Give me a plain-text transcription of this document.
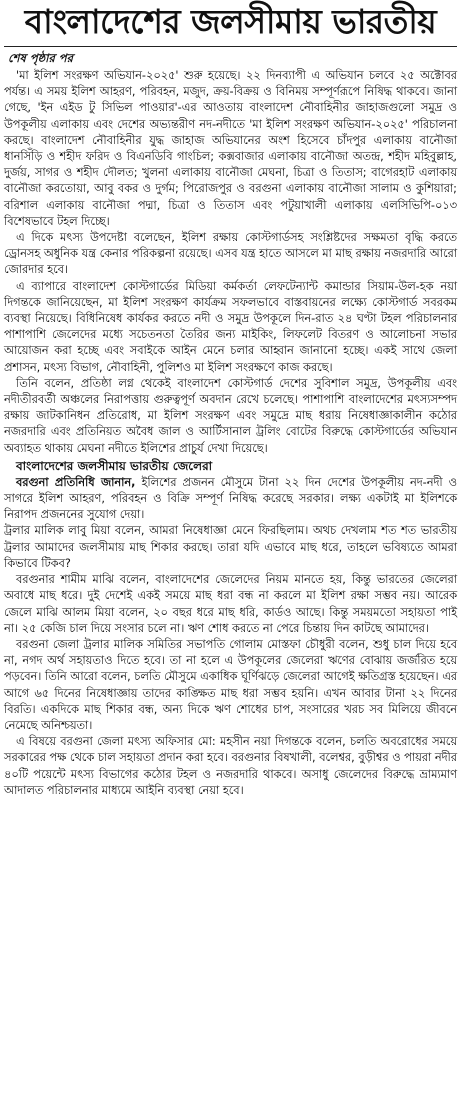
বাংলাদেশের জলসীমায় ভারতীয়
শেষ পৃষ্ঠার পর

'মা ইলিশ সংরক্ষণ অভিযান-২০২৫' শুরু হয়েছে। ২২ দিনব্যাপী এ অভিযান চলবে ২৫ অক্টোবর পর্যন্ত। এ সময় ইলিশ আহরণ, পরিবহন, মজুদ, ক্রয়-বিক্রয় ও বিনিময় সম্পূর্ণরূপে নিষিদ্ধ থাকবে। জানা গেছে, 'ইন এইড টু সিভিল পাওয়ার'-এর আওতায় বাংলাদেশ নৌবাহিনীর জাহাজগুলো সমুদ্র ও উপকূলীয় এলাকায় এবং দেশের অভ্যন্তরীণ নদ-নদীতে 'মা ইলিশ সংরক্ষণ অভিযান-২০২৫' পরিচালনা করছে। বাংলাদেশ নৌবাহিনীর যুদ্ধ জাহাজ অভিযানের অংশ হিসেবে চাঁদপুর এলাকায় বানৌজা ধানসিঁড়ি ও শহীদ ফরিদ ও বিএনডিবি গাংচিল; কক্সবাজার এলাকায় বানৌজা অতন্দ্র, শহীদ মহিবুল্লাহ, দুর্জয়, সাগর ও শহীদ দৌলত; খুলনা এলাকায় বানৌজা মেঘনা, চিত্রা ও তিতাস; বাগেরহাট এলাকায় বানৌজা করতোয়া, আবু বকর ও দুর্গম; পিরোজপুর ও বরগুনা এলাকায় বানৌজা সালাম ও কুশিয়ারা; বরিশাল এলাকায় বানৌজা পদ্মা, চিত্রা ও তিতাস এবং পটুয়াখালী এলাকায় এলসিভিপি-০১৩ বিশেষভাবে টহল দিচ্ছে।

এ দিকে মৎস্য উপদেষ্টা বলেছেন, ইলিশ রক্ষায় কোস্টগার্ডসহ সংশ্লিষ্টদের সক্ষমতা বৃদ্ধি করতে ড্রোনসহ অধুনিক যন্ত্র কেনার পরিকল্পনা রয়েছে। এসব যন্ত্র হাতে আসলে মা মাছ রক্ষায় নজরদারি আরো জোরদার হবে।

এ ব্যাপারে বাংলাদেশ কোস্টগার্ডের মিডিয়া কর্মকর্তা লেফটেন্যান্ট কমান্ডার সিয়াম-উল-হক নয়া দিগন্তকে জানিয়েছেন, মা ইলিশ সংরক্ষণ কার্যক্রম সফলভাবে বাস্তবায়নের লক্ষ্যে কোস্টগার্ড সবরকম ব্যবস্থা নিয়েছে। বিধিনিষেধ কার্যকর করতে নদী ও সমুদ্র উপকূলে দিন-রাত ২৪ ঘণ্টা টহল পরিচালনার পাশাপাশি জেলেদের মধ্যে সচেতনতা তৈরির জন্য মাইকিং, লিফলেট বিতরণ ও আলোচনা সভার আয়োজন করা হচ্ছে এবং সবাইকে আইন মেনে চলার আহ্বান জানানো হচ্ছে। একই সাথে জেলা প্রশাসন, মৎস্য বিভাগ, নৌবাহিনী, পুলিশও মা ইলিশ সংরক্ষণে কাজ করছে।

তিনি বলেন, প্রতিষ্ঠা লগ্ন থেকেই বাংলাদেশ কোস্টগার্ড দেশের সুবিশাল সমুদ্র, উপকূলীয় এবং নদীতীরবর্তী অঞ্চলের নিরাপত্তায় গুরুত্বপূর্ণ অবদান রেখে চলেছে। পাশাপাশি বাংলাদেশের মৎস্যসম্পদ রক্ষায় জাটকানিধন প্রতিরোধ, মা ইলিশ সংরক্ষণ এবং সমুদ্রে মাছ ধরায় নিষেধাজ্ঞাকালীন কঠোর নজরদারি এবং প্রতিনিয়ত অবৈধ জাল ও আর্টিসানাল ট্রলিং বোটের বিরুদ্ধে কোস্টগার্ডের অভিযান অব্যাহত থাকায় মেঘনা নদীতে ইলিশের প্রাচুর্য দেখা দিয়েছে।

বাংলাদেশের জলসীমায় ভারতীয় জেলেরা

বরগুনা প্রতিনিধি জানান, ইলিশের প্রজনন মৌসুমে টানা ২২ দিন দেশের উপকূলীয় নদ-নদী ও সাগরে ইলিশ আহরণ, পরিবহন ও বিক্রি সম্পূর্ণ নিষিদ্ধ করেছে সরকার। লক্ষ্য একটাই মা ইলিশকে নিরাপদ প্রজননের সুযোগ দেয়া।

ট্রলার মালিক লাবু মিয়া বলেন, আমরা নিষেধাজ্ঞা মেনে ফিরছিলাম। অথচ দেখলাম শত শত ভারতীয় ট্রলার আমাদের জলসীমায় মাছ শিকার করছে। তারা যদি এভাবে মাছ ধরে, তাহলে ভবিষ্যতে আমরা কিভাবে টিকব?

বরগুনার শামীম মাঝি বলেন, বাংলাদেশের জেলেদের নিয়ম মানতে হয়, কিন্তু ভারতের জেলেরা অবাধে মাছ ধরে। দুই দেশেই একই সময়ে মাছ ধরা বন্ধ না করলে মা ইলিশ রক্ষা সম্ভব নয়। আরেক জেলে মাঝি আলম মিয়া বলেন, ২০ বছর ধরে মাছ ধরি, কার্ডও আছে। কিন্তু সময়মতো সহায়তা পাই না। ২৫ কেজি চাল দিয়ে সংসার চলে না। ঋণ শোধ করতে না পেরে চিন্তায় দিন কাটছে আমাদের।

বরগুনা জেলা ট্রলার মালিক সমিতির সভাপতি গোলাম মোস্তফা চৌধুরী বলেন, শুধু চাল দিয়ে হবে না, নগদ অর্থ সহায়তাও দিতে হবে। তা না হলে এ উপকূলের জেলেরা ঋণের বোঝায় জর্জরিত হয়ে পড়বেন। তিনি আরো বলেন, চলতি মৌসুমে একাধিক ঘূর্ণিঝড়ে জেলেরা আগেই ক্ষতিগ্রস্ত হয়েছেন। এর আগে ৬৫ দিনের নিষেধাজ্ঞায় তাদের কাঙ্ক্ষিত মাছ ধরা সম্ভব হয়নি। এখন আবার টানা ২২ দিনের বিরতি। একদিকে মাছ শিকার বন্ধ, অন্য দিকে ঋণ শোধের চাপ, সংসারের খরচ সব মিলিয়ে জীবনে নেমেছে অনিশ্চয়তা।

এ বিষয়ে বরগুনা জেলা মৎস্য অফিসার মো: মহসীন নয়া দিগন্তকে বলেন, চলতি অবরোধের সময়ে সরকারের পক্ষ থেকে চাল সহায়তা প্রদান করা হবে। বরগুনার বিষখালী, বলেশ্বর, বুড়ীশ্বর ও পায়রা নদীর ৪০টি পয়েন্টে মৎস্য বিভাগের কঠোর টহল ও নজরদারি থাকবে। অসাধু জেলেদের বিরুদ্ধে ভ্রাম্যমাণ আদালত পরিচালনার মাধ্যমে আইনি ব্যবস্থা নেয়া হবে।
